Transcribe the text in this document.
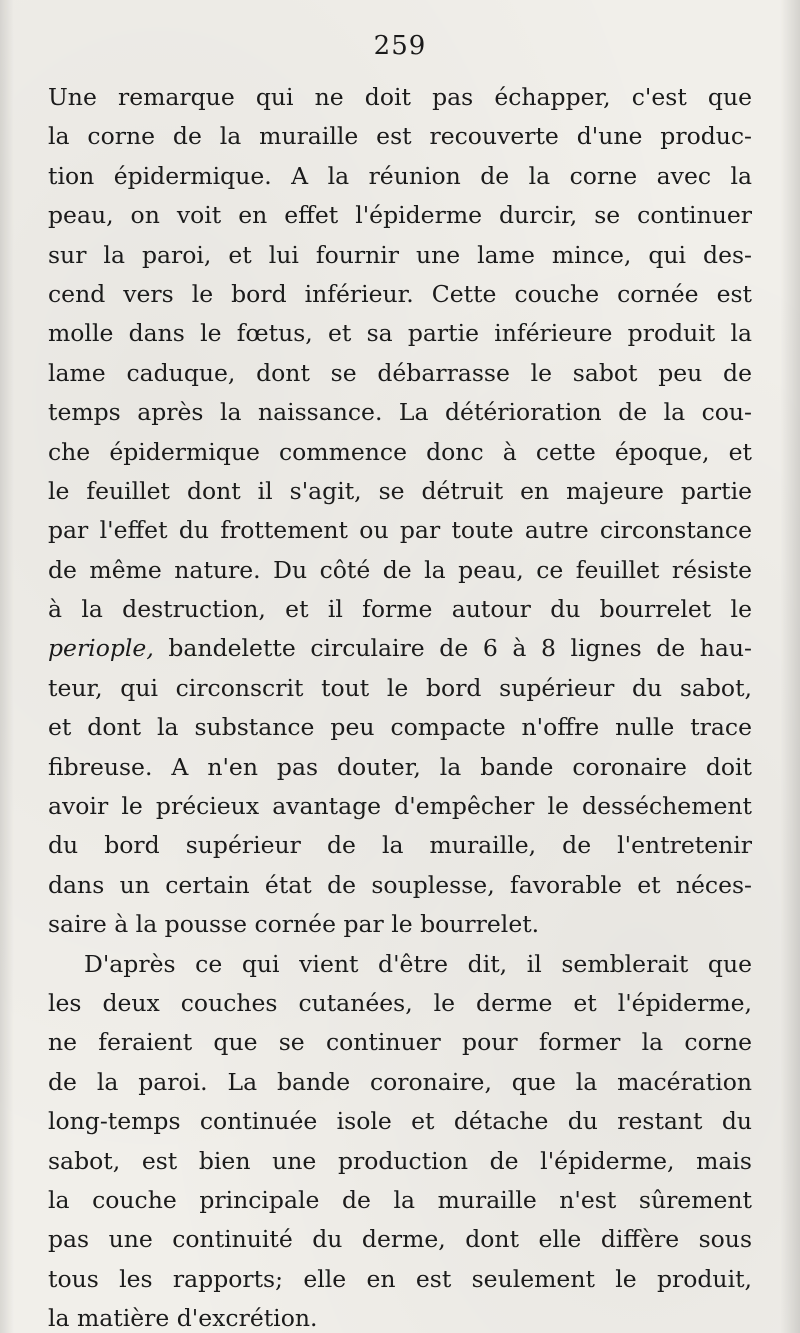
259
Une remarque qui ne doit pas échapper, c'est que
la corne de la muraille est recouverte d'une produc-
tion épidermique. A la réunion de la corne avec la
peau, on voit en effet l'épiderme durcir, se continuer
sur la paroi, et lui fournir une lame mince, qui des-
cend vers le bord inférieur. Cette couche cornée est
molle dans le fœtus, et sa partie inférieure produit la
lame caduque, dont se débarrasse le sabot peu de
temps après la naissance. La détérioration de la cou-
che épidermique commence donc à cette époque, et
le feuillet dont il s'agit, se détruit en majeure partie
par l'effet du frottement ou par toute autre circonstance
de même nature. Du côté de la peau, ce feuillet résiste
à la destruction, et il forme autour du bourrelet le
periople, bandelette circulaire de 6 à 8 lignes de hau-
teur, qui circonscrit tout le bord supérieur du sabot,
et dont la substance peu compacte n'offre nulle trace
fibreuse. A n'en pas douter, la bande coronaire doit
avoir le précieux avantage d'empêcher le desséchement
du bord supérieur de la muraille, de l'entretenir
dans un certain état de souplesse, favorable et néces-
saire à la pousse cornée par le bourrelet.
D'après ce qui vient d'être dit, il semblerait que
les deux couches cutanées, le derme et l'épiderme,
ne feraient que se continuer pour former la corne
de la paroi. La bande coronaire, que la macération
long-temps continuée isole et détache du restant du
sabot, est bien une production de l'épiderme, mais
la couche principale de la muraille n'est sûrement
pas une continuité du derme, dont elle diffère sous
tous les rapports; elle en est seulement le produit,
la matière d'excrétion.
